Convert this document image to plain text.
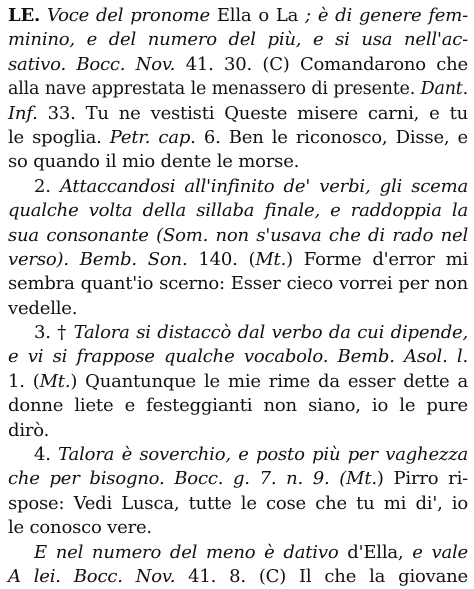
LE. Voce del pronome Ella o La ; è di genere fem-
minino, e del numero del più, e si usa nell'ac-
sativo. Bocc. Nov. 41. 30. (C) Comandarono che
alla nave apprestata le menassero di presente. Dant.
Inf. 33. Tu ne vestisti Queste misere carni, e tu
le spoglia. Petr. cap. 6. Ben le riconosco, Disse, e
so quando il mio dente le morse.
2. Attaccandosi all'infinito de' verbi, gli scema
qualche volta della sillaba finale, e raddoppia la
sua consonante (Som. non s'usava che di rado nel
verso). Bemb. Son. 140. (Mt.) Forme d'error mi
sembra quant'io scerno: Esser cieco vorrei per non
vedelle.
3. † Talora si distaccò dal verbo da cui dipende,
e vi si frappose qualche vocabolo. Bemb. Asol. l.
1. (Mt.) Quantunque le mie rime da esser dette a
donne liete e festeggianti non siano, io le pure
dirò.
4. Talora è soverchio, e posto più per vaghezza
che per bisogno. Bocc. g. 7. n. 9. (Mt.) Pirro ri-
spose: Vedi Lusca, tutte le cose che tu mi di', io
le conosco vere.
E nel numero del meno è dativo d'Ella, e vale
A lei. Bocc. Nov. 41. 8. (C) Il che la giovane
